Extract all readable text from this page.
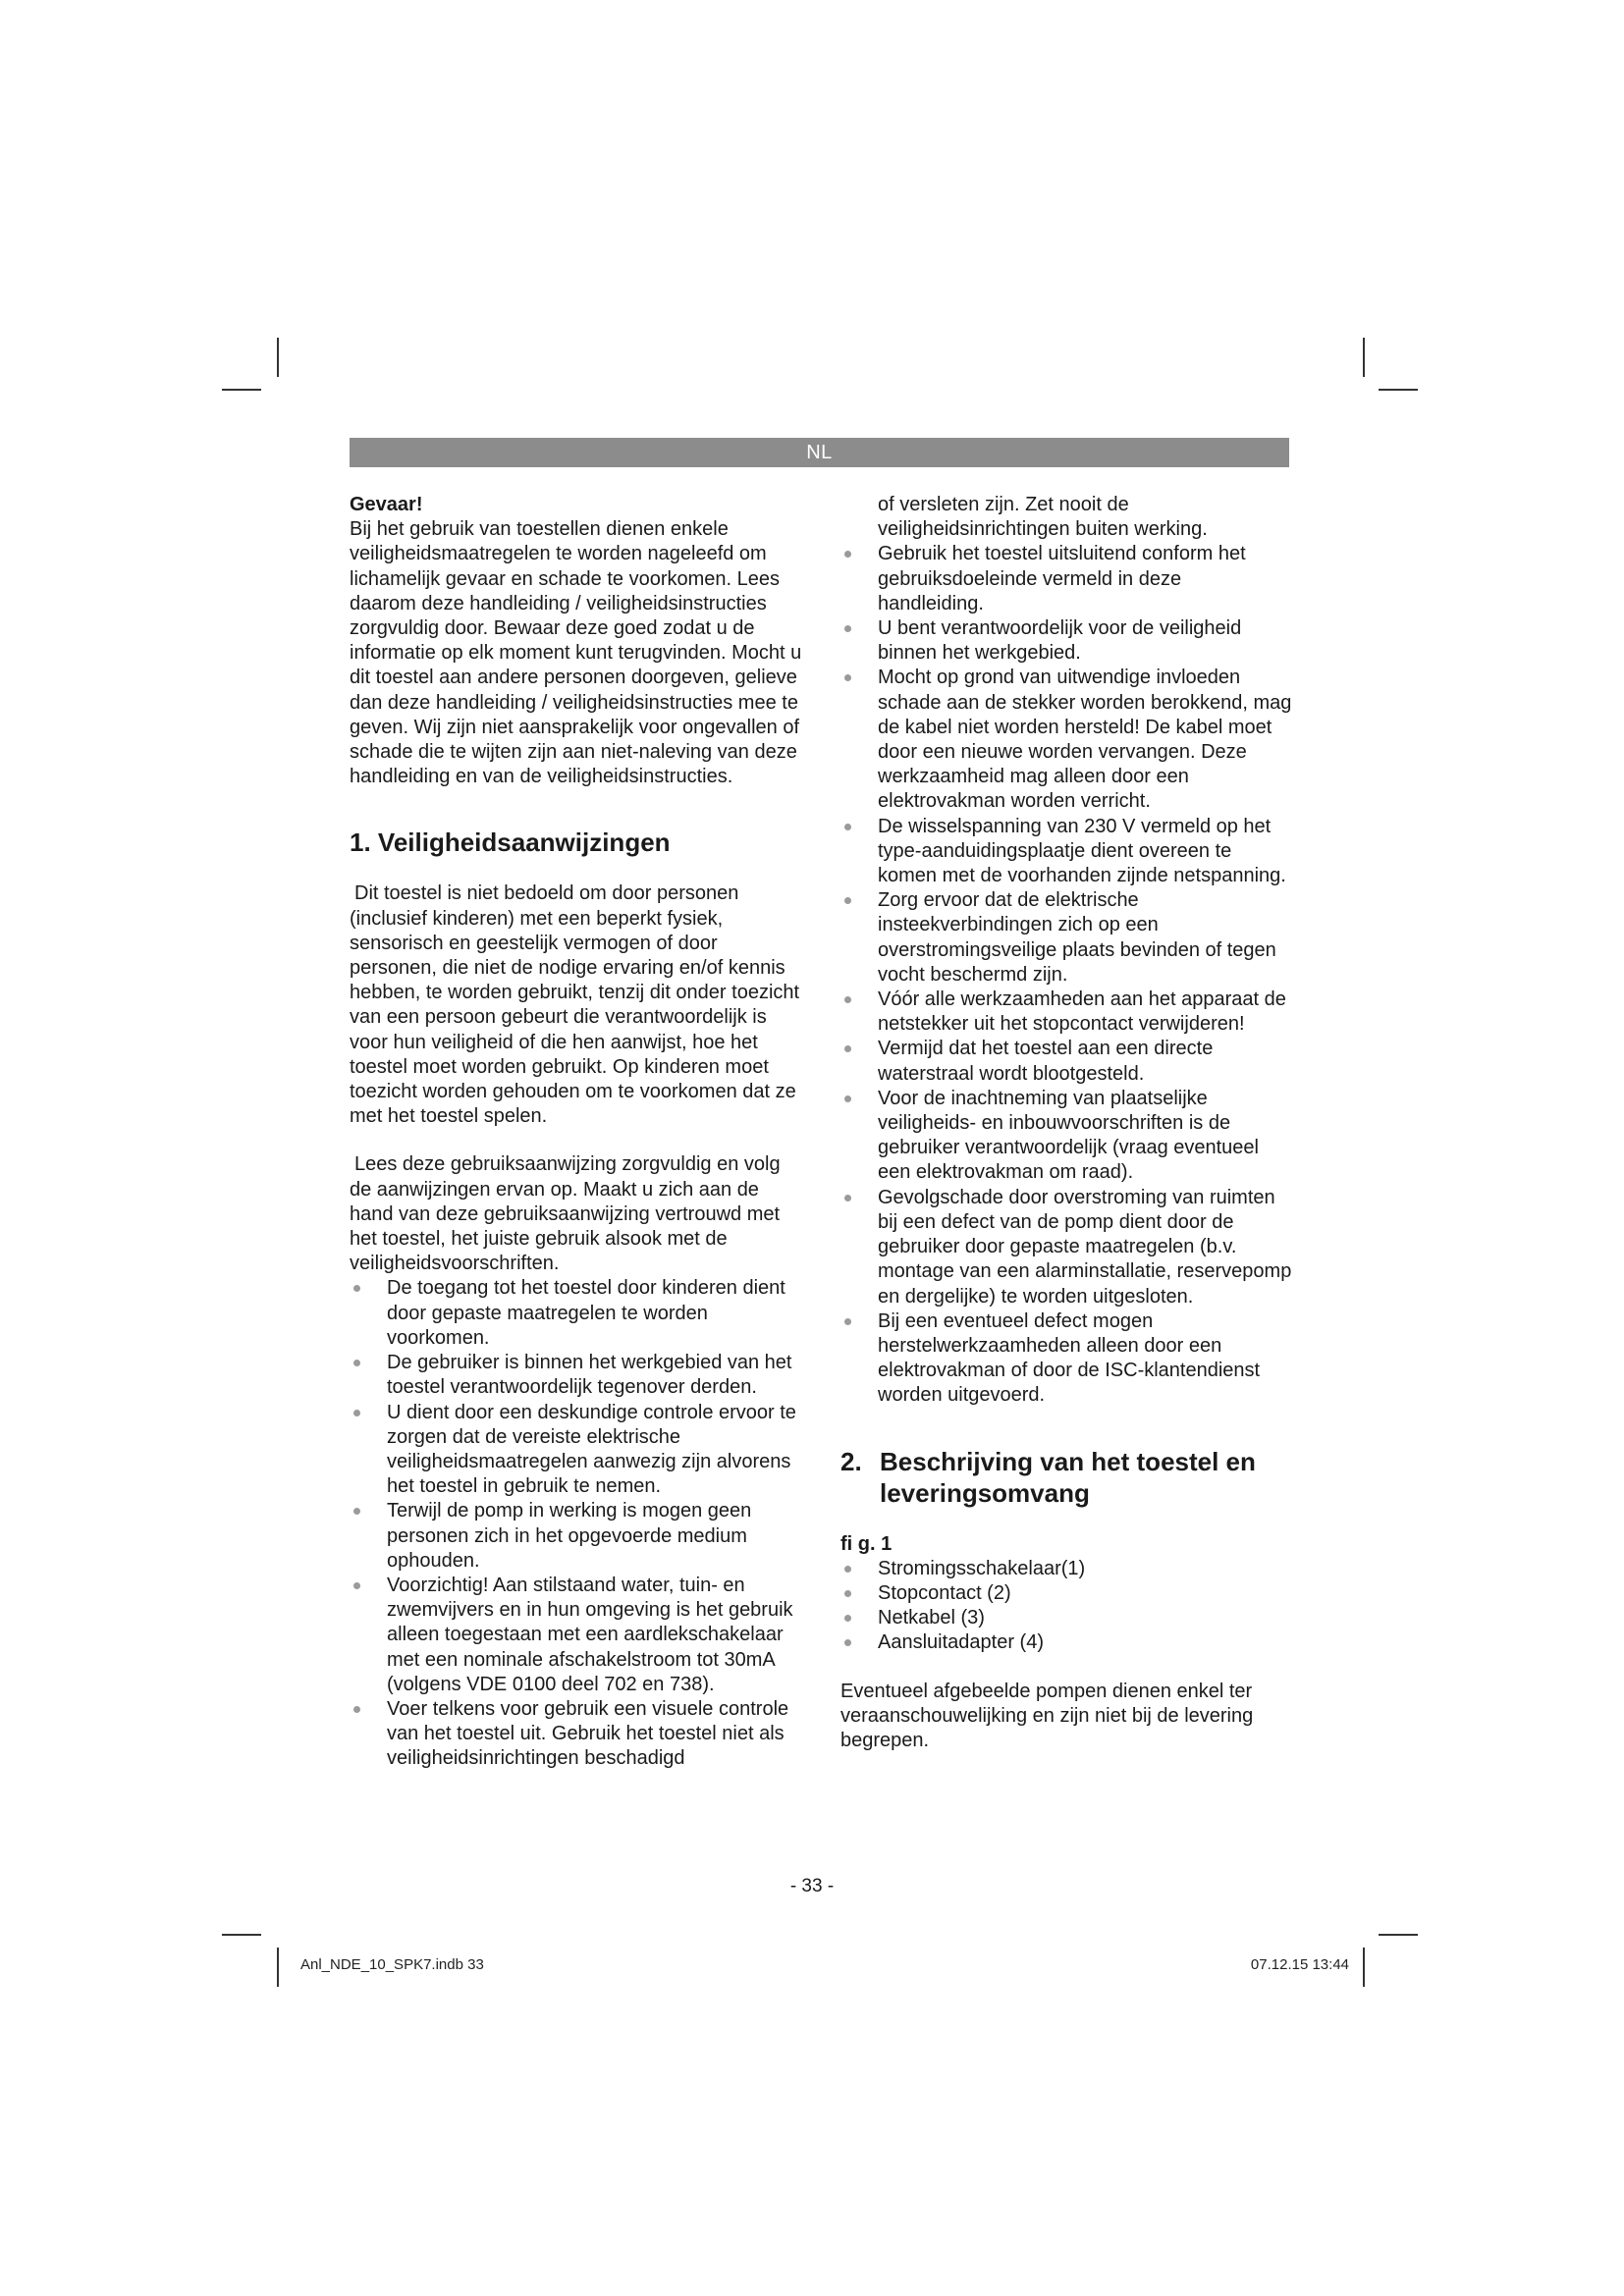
NL

Gevaar!

Bij het gebruik van toestellen dienen enkele veiligheidsmaatregelen te worden nageleefd om lichamelijk gevaar en schade te voorkomen. Lees daarom deze handleiding / veiligheidsinstructies zorgvuldig door. Bewaar deze goed zodat u de informatie op elk moment kunt terugvinden. Mocht u dit toestel aan andere personen doorgeven, gelieve dan deze handleiding / veiligheidsinstructies mee te geven. Wij zijn niet aansprakelijk voor ongevallen of schade die te wijten zijn aan niet-naleving van deze handleiding en van de veiligheidsinstructies.

1. Veiligheidsaanwijzingen

Dit toestel is niet bedoeld om door personen (inclusief kinderen) met een beperkt fysiek, sensorisch en geestelijk vermogen of door personen, die niet de nodige ervaring en/of kennis hebben, te worden gebruikt, tenzij dit onder toezicht van een persoon gebeurt die verantwoordelijk is voor hun veiligheid of die hen aanwijst, hoe het toestel moet worden gebruikt. Op kinderen moet toezicht worden gehouden om te voorkomen dat ze met het toestel spelen.

Lees deze gebruiksaanwijzing zorgvuldig en volg de aanwijzingen ervan op. Maakt u zich aan de hand van deze gebruiksaanwijzing vertrouwd met het toestel, het juiste gebruik alsook met de veiligheidsvoorschriften.

De toegang tot het toestel door kinderen dient door gepaste maatregelen te worden voorkomen.
De gebruiker is binnen het werkgebied van het toestel verantwoordelijk tegenover derden.
U dient door een deskundige controle ervoor te zorgen dat de vereiste elektrische veiligheidsmaatregelen aanwezig zijn alvorens het toestel in gebruik te nemen.
Terwijl de pomp in werking is mogen geen personen zich in het opgevoerde medium ophouden.
Voorzichtig! Aan stilstaand water, tuin- en zwemvijvers en in hun omgeving is het gebruik alleen toegestaan met een aardlekschakelaar met een nominale afschakelstroom tot 30mA (volgens VDE 0100 deel 702 en 738).
Voer telkens voor gebruik een visuele controle van het toestel uit. Gebruik het toestel niet als veiligheidsinrichtingen beschadigd

of versleten zijn. Zet nooit de veiligheidsinrichtingen buiten werking.

Gebruik het toestel uitsluitend conform het gebruiksdoeleinde vermeld in deze handleiding.
U bent verantwoordelijk voor de veiligheid binnen het werkgebied.
Mocht op grond van uitwendige invloeden schade aan de stekker worden berokkend, mag de kabel niet worden hersteld! De kabel moet door een nieuwe worden vervangen. Deze werkzaamheid mag alleen door een elektrovakman worden verricht.
De wisselspanning van 230 V vermeld op het type-aanduidingsplaatje dient overeen te komen met de voorhanden zijnde netspanning.
Zorg ervoor dat de elektrische insteekverbindingen zich op een overstromingsveilige plaats bevinden of tegen vocht beschermd zijn.
Vóór alle werkzaamheden aan het apparaat de netstekker uit het stopcontact verwijderen!
Vermijd dat het toestel aan een directe waterstraal wordt blootgesteld.
Voor de inachtneming van plaatselijke veiligheids- en inbouwvoorschriften is de gebruiker verantwoordelijk (vraag eventueel een elektrovakman om raad).
Gevolgschade door overstroming van ruimten bij een defect van de pomp dient door de gebruiker door gepaste maatregelen (b.v. montage van een alarminstallatie, reservepomp en dergelijke) te worden uitgesloten.
Bij een eventueel defect mogen herstelwerkzaamheden alleen door een elektrovakman of door de ISC-klantendienst worden uitgevoerd.
2. Beschrijving van het toestel en leveringsomvang

fi g. 1

Stromingsschakelaar(1)
Stopcontact (2)
Netkabel (3)
Aansluitadapter (4)

Eventueel afgebeelde pompen dienen enkel ter veraanschouwelijking en zijn niet bij de levering begrepen.

- 33 -
Anl_NDE_10_SPK7.indb 33	07.12.15 13:44
